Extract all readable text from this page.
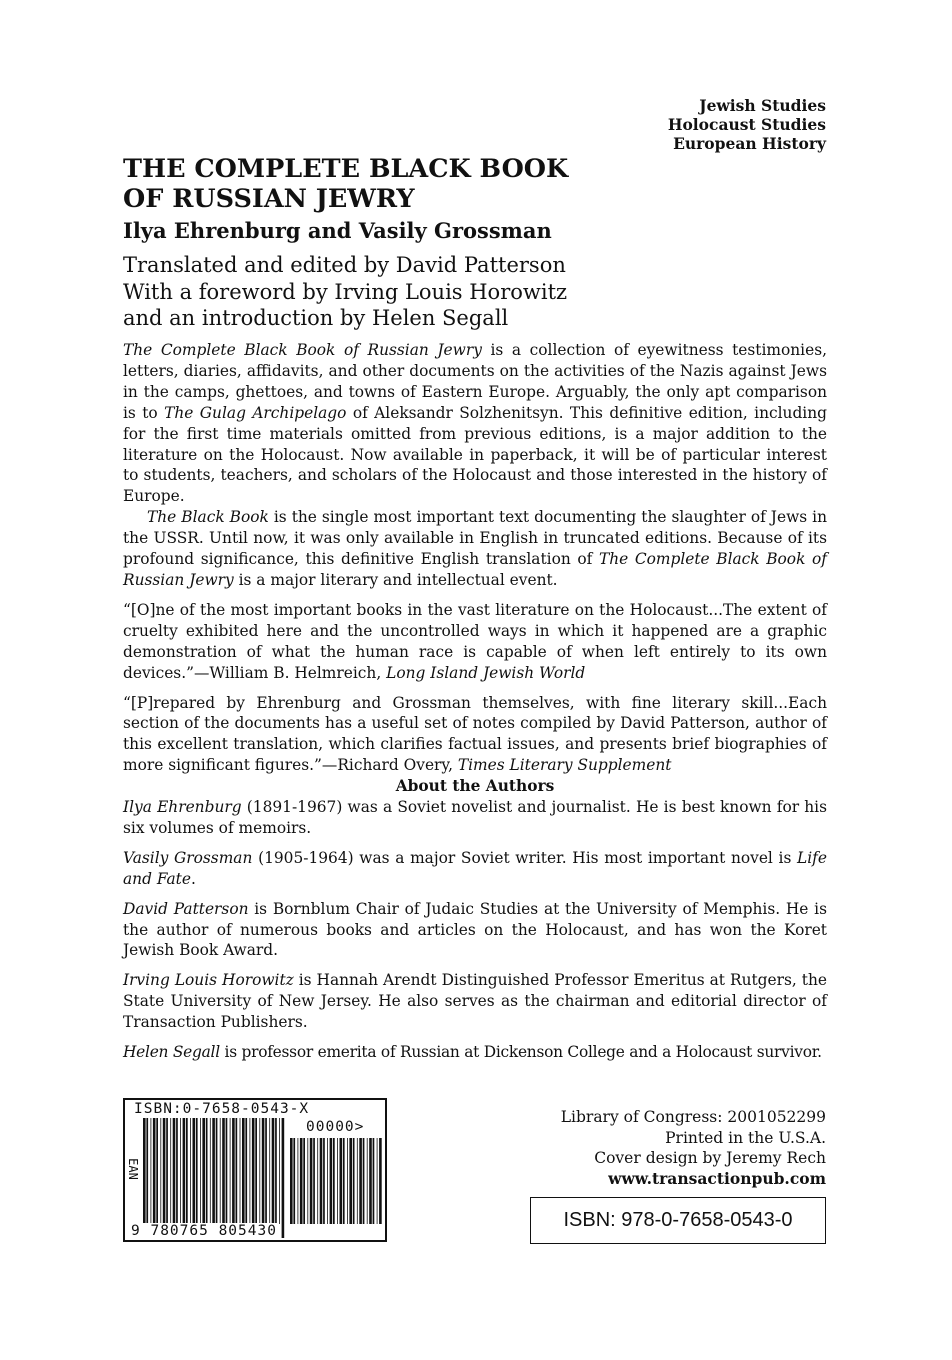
Jewish Studies
Holocaust Studies
European History
THE COMPLETE BLACK BOOK
OF RUSSIAN JEWRY
Ilya Ehrenburg and Vasily Grossman
Translated and edited by David Patterson
With a foreword by Irving Louis Horowitz
and an introduction by Helen Segall

The Complete Black Book of Russian Jewry is a collection of eyewitness testimonies, letters, diaries, affidavits, and other documents on the activities of the Nazis against Jews in the camps, ghettoes, and towns of Eastern Europe. Arguably, the only apt comparison is to The Gulag Archipelago of Aleksandr Solzhenitsyn. This definitive edition, including for the first time materials omitted from previous editions, is a major addition to the literature on the Holocaust. Now available in paperback, it will be of particular interest to students, teachers, and scholars of the Holocaust and those interested in the history of Europe.

The Black Book is the single most important text documenting the slaughter of Jews in the USSR. Until now, it was only available in English in truncated editions. Because of its profound significance, this definitive English translation of The Complete Black Book of Russian Jewry is a major literary and intellectual event.

“[O]ne of the most important books in the vast literature on the Holocaust...The extent of cruelty exhibited here and the uncontrolled ways in which it happened are a graphic demonstration of what the human race is capable of when left entirely to its own devices.”—William B. Helmreich, Long Island Jewish World

“[P]repared by Ehrenburg and Grossman themselves, with fine literary skill...Each section of the documents has a useful set of notes compiled by David Patterson, author of this excellent translation, which clarifies factual issues, and presents brief biographies of more significant figures.”—Richard Overy, Times Literary Supplement

About the Authors

Ilya Ehrenburg (1891-1967) was a Soviet novelist and journalist. He is best known for his six volumes of memoirs.

Vasily Grossman (1905-1964) was a major Soviet writer. His most important novel is Life and Fate.

David Patterson is Bornblum Chair of Judaic Studies at the University of Memphis. He is the author of numerous books and articles on the Holocaust, and has won the Koret Jewish Book Award.

Irving Louis Horowitz is Hannah Arendt Distinguished Professor Emeritus at Rutgers, the State University of New Jersey. He also serves as the chairman and editorial director of Transaction Publishers.

Helen Segall is professor emerita of Russian at Dickenson College and a Holocaust survivor.

ISBN:0-7658-0543-X
00000>
EAN
9 780765 805430
Library of Congress: 2001052299
Printed in the U.S.A.
Cover design by Jeremy Rech
www.transactionpub.com
ISBN: 978-0-7658-0543-0
